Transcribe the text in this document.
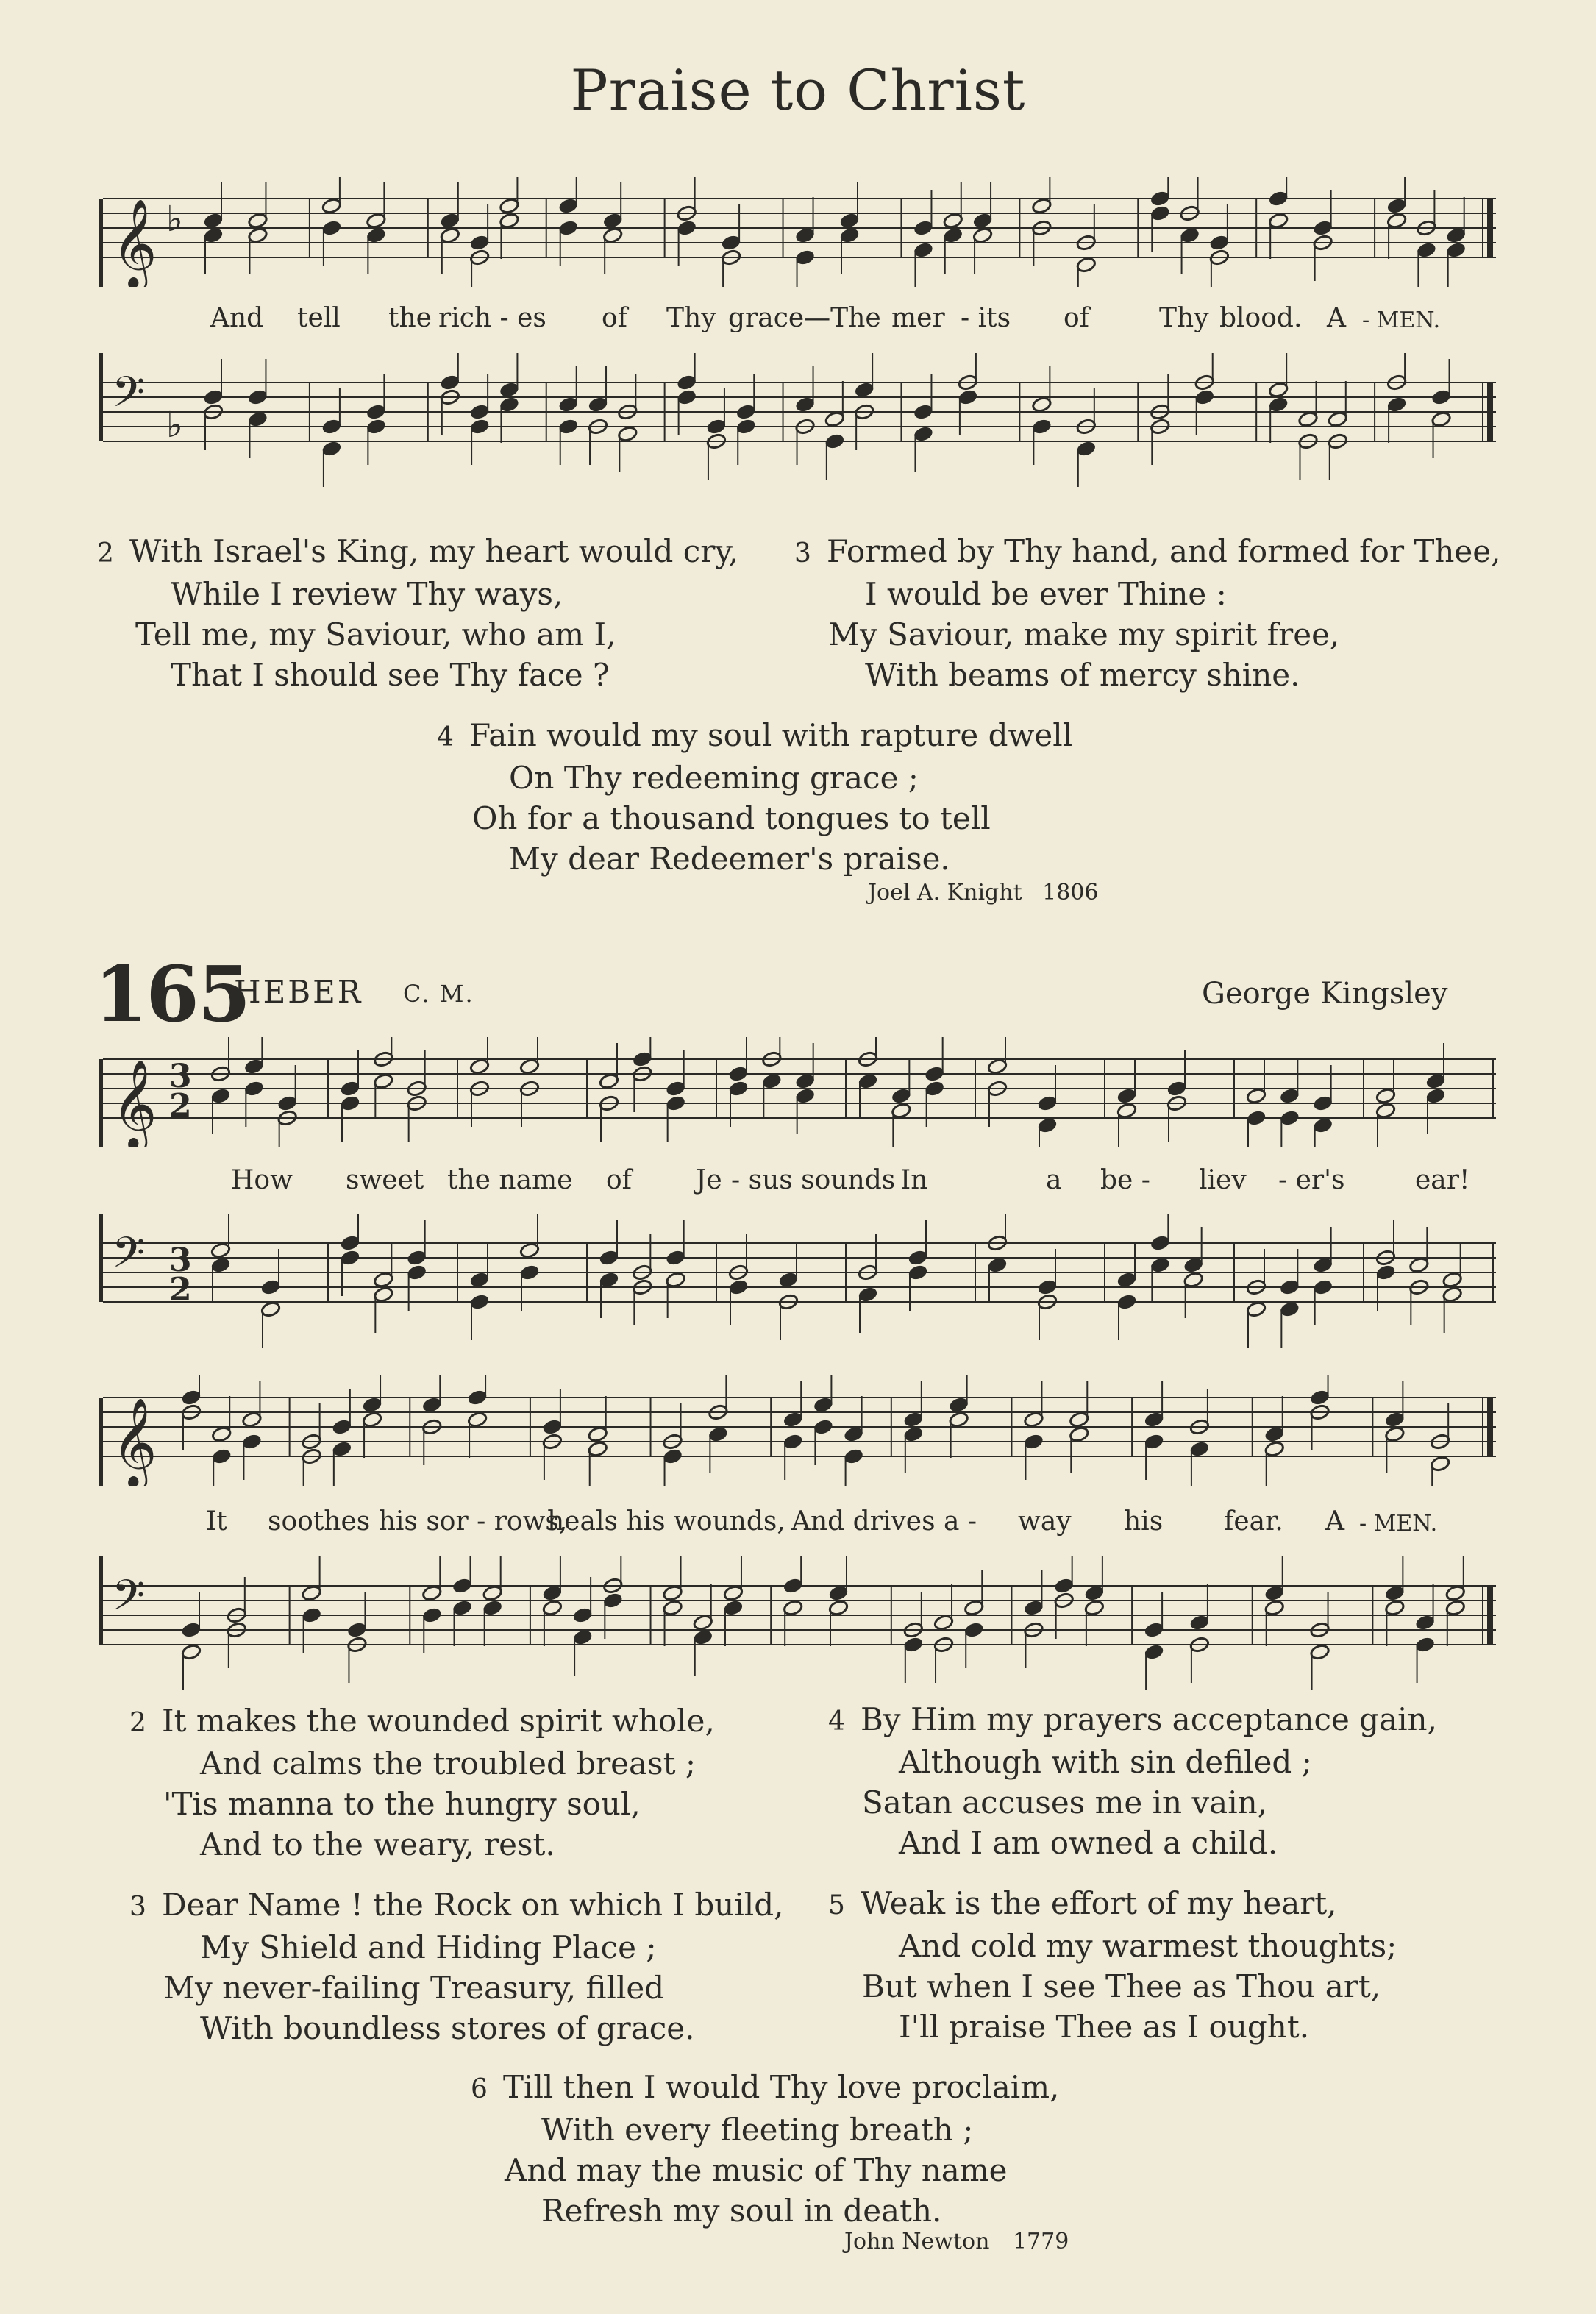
Praise to Christ
𝄞 ♭
And tell the rich - es of Thy grace—The mer - its of	Thy blood. A - MEN.
𝄢 ♭
2 With Israel's King, my heart would cry,
While I review Thy ways,
Tell me, my Saviour, who am I,
That I should see Thy face ?
3 Formed by Thy hand, and formed for Thee,
I would be ever Thine :
My Saviour, make my spirit free,
With beams of mercy shine.
4 Fain would my soul with rapture dwell
On Thy redeeming grace ;
Oh for a thousand tongues to tell
My dear Redeemer's praise.
Joel A. Knight 1806
165
HEBER C. M.	George Kingsley
𝄞 3
2
How sweet the name of Je - sus sounds In	a be - liev - er's	ear!
𝄢 3
2
𝄞
It soothes his sor - rows,
heals his wounds, And drives a - way his fear. A - MEN.
𝄢
2 It makes the wounded spirit whole,
And calms the troubled breast ;
'Tis manna to the hungry soul,
And to the weary, rest.
4 By Him my prayers acceptance gain,
Although with sin defiled ;
Satan accuses me in vain,
And I am owned a child.
3 Dear Name ! the Rock on which I build,
My Shield and Hiding Place ;
My never-failing Treasury, filled
With boundless stores of grace.
5 Weak is the effort of my heart,
And cold my warmest thoughts;
But when I see Thee as Thou art,
I'll praise Thee as I ought.
6 Till then I would Thy love proclaim,
With every fleeting breath ;
And may the music of Thy name
Refresh my soul in death.
John Newton 1779
